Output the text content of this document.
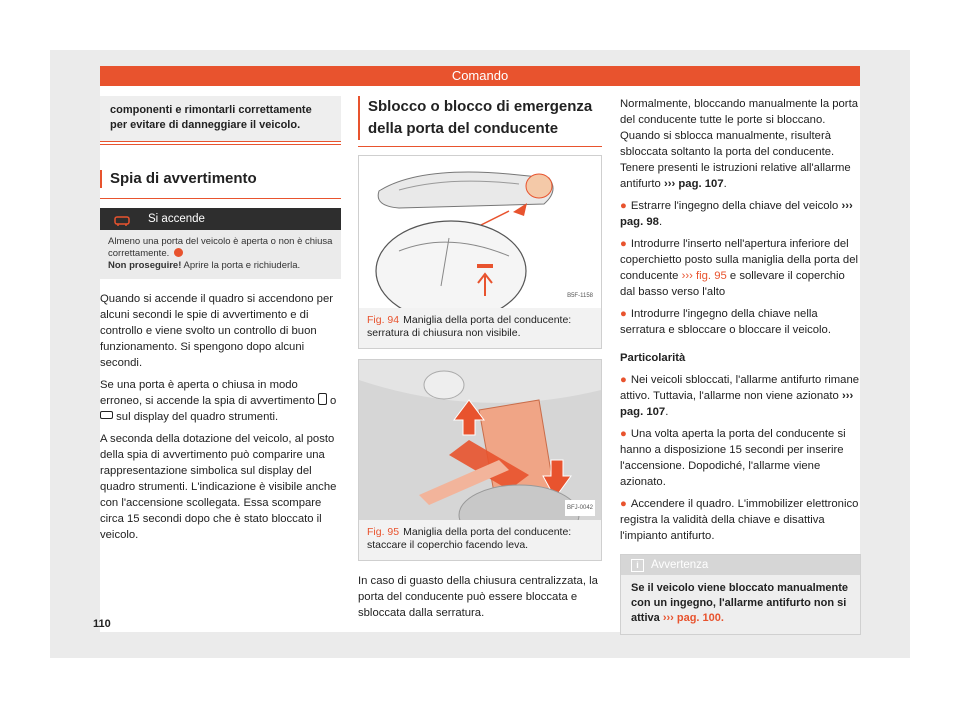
Comando
componenti e rimontarli correttamente per evitare di danneggiare il veicolo.
Spia di avvertimento
Si accende
Almeno una porta del veicolo è aperta o non è chiusa correttamente.
Non proseguire! Aprire la porta e richiuderla.

Quando si accende il quadro si accendono per alcuni secondi le spie di avvertimento e di controllo e viene svolto un controllo di buon funzionamento. Si spengono dopo alcuni secondi.

Se una porta è aperta o chiusa in modo erroneo, si accende la spia di avvertimento o
sul display del quadro strumenti.

A seconda della dotazione del veicolo, al posto della spia di avvertimento può comparire una rappresentazione simbolica sul display del quadro strumenti. L'indicazione è visibile anche con l'accensione scollegata. Essa scompare circa 15 secondi dopo che è stato bloccato il veicolo.

110
Sblocco o blocco di emergenza della porta del conducente
B5F-1158
Fig. 94 Maniglia della porta del conducente: serratura di chiusura non visibile.
BFJ-0042
Fig. 95 Maniglia della porta del conducente: staccare il coperchio facendo leva.

In caso di guasto della chiusura centralizzata, la porta del conducente può essere bloccata e sbloccata dalla serratura.

Normalmente, bloccando manualmente la porta del conducente tutte le porte si bloccano. Quando si sblocca manualmente, risulterà sbloccata soltanto la porta del conducente. Tenere presenti le istruzioni relative all'allarme antifurto ››› pag. 107.

● Estrarre l'ingegno della chiave del veicolo ››› pag. 98.

● Introdurre l'inserto nell'apertura inferiore del coperchietto posto sulla maniglia della porta del conducente ››› fig. 95 e sollevare il coperchio dal basso verso l'alto

● Introdurre l'ingegno della chiave nella serratura e sbloccare o bloccare il veicolo.

Particolarità

● Nei veicoli sbloccati, l'allarme antifurto rimane attivo. Tuttavia, l'allarme non viene azionato ››› pag. 107.

● Una volta aperta la porta del conducente si hanno a disposizione 15 secondi per inserire l'accensione. Dopodiché, l'allarme viene azionato.

● Accendere il quadro. L'immobilizer elettronico registra la validità della chiave e disattiva l'impianto antifurto.

i	Avvertenza
Se il veicolo viene bloccato manualmente con un ingegno, l'allarme antifurto non si attiva ››› pag. 100.
